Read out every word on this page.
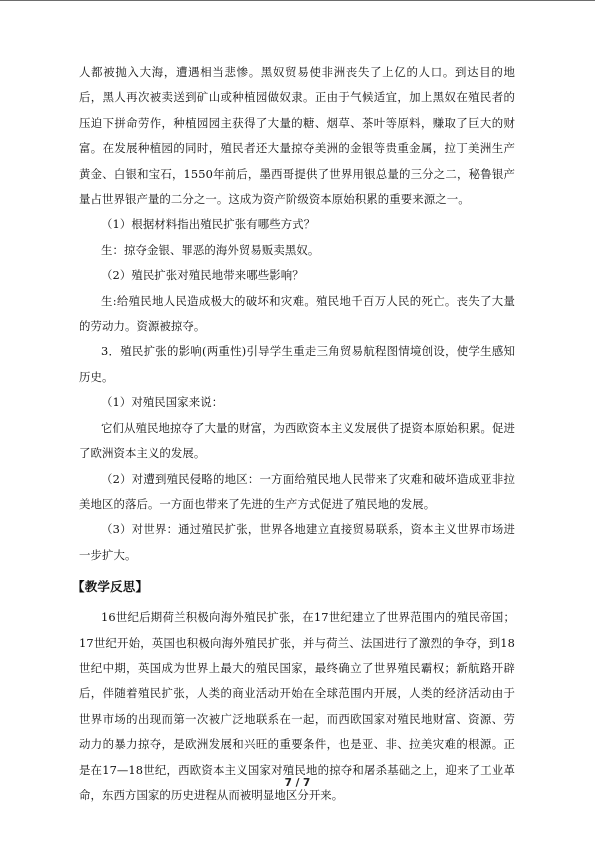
人都被抛入大海，遭遇相当悲惨。黑奴贸易使非洲丧失了上亿的人口。到达目的地后，黑人再次被卖送到矿山或种植园做奴隶。正由于气候适宜，加上黑奴在殖民者的压迫下拼命劳作，种植园园主获得了大量的糖、烟草、茶叶等原料，赚取了巨大的财富。在发展种植园的同时，殖民者还大量掠夺美洲的金银等贵重金属，拉丁美洲生产黄金、白银和宝石，1550年前后，墨西哥提供了世界用银总量的三分之二，秘鲁银产量占世界银产量的二分之一。这成为资产阶级资本原始积累的重要来源之一。

（1）根据材料指出殖民扩张有哪些方式？

生：掠夺金银、罪恶的海外贸易贩卖黑奴。

（2）殖民扩张对殖民地带来哪些影响？

生:给殖民地人民造成极大的破坏和灾难。殖民地千百万人民的死亡。丧失了大量的劳动力。资源被掠夺。

3．殖民扩张的影响(两重性)引导学生重走三角贸易航程图情境创设，使学生感知历史。

（1）对殖民国家来说：

它们从殖民地掠夺了大量的财富，为西欧资本主义发展供了提资本原始积累。促进了欧洲资本主义的发展。

（2）对遭到殖民侵略的地区：一方面给殖民地人民带来了灾难和破坏造成亚非拉美地区的落后。一方面也带来了先进的生产方式促进了殖民地的发展。

（3）对世界：通过殖民扩张，世界各地建立直接贸易联系，资本主义世界市场进一步扩大。

【教学反思】

16世纪后期荷兰积极向海外殖民扩张，在17世纪建立了世界范围内的殖民帝国；17世纪开始，英国也积极向海外殖民扩张，并与荷兰、法国进行了激烈的争夺，到18世纪中期，英国成为世界上最大的殖民国家，最终确立了世界殖民霸权；新航路开辟后，伴随着殖民扩张，人类的商业活动开始在全球范围内开展，人类的经济活动由于世界市场的出现而第一次被广泛地联系在一起，而西欧国家对殖民地财富、资源、劳动力的暴力掠夺，是欧洲发展和兴旺的重要条件，也是亚、非、拉美灾难的根源。正是在17—18世纪，西欧资本主义国家对殖民地的掠夺和屠杀基础之上，迎来了工业革命，东西方国家的历史进程从而被明显地区分开来。

7 / 7
